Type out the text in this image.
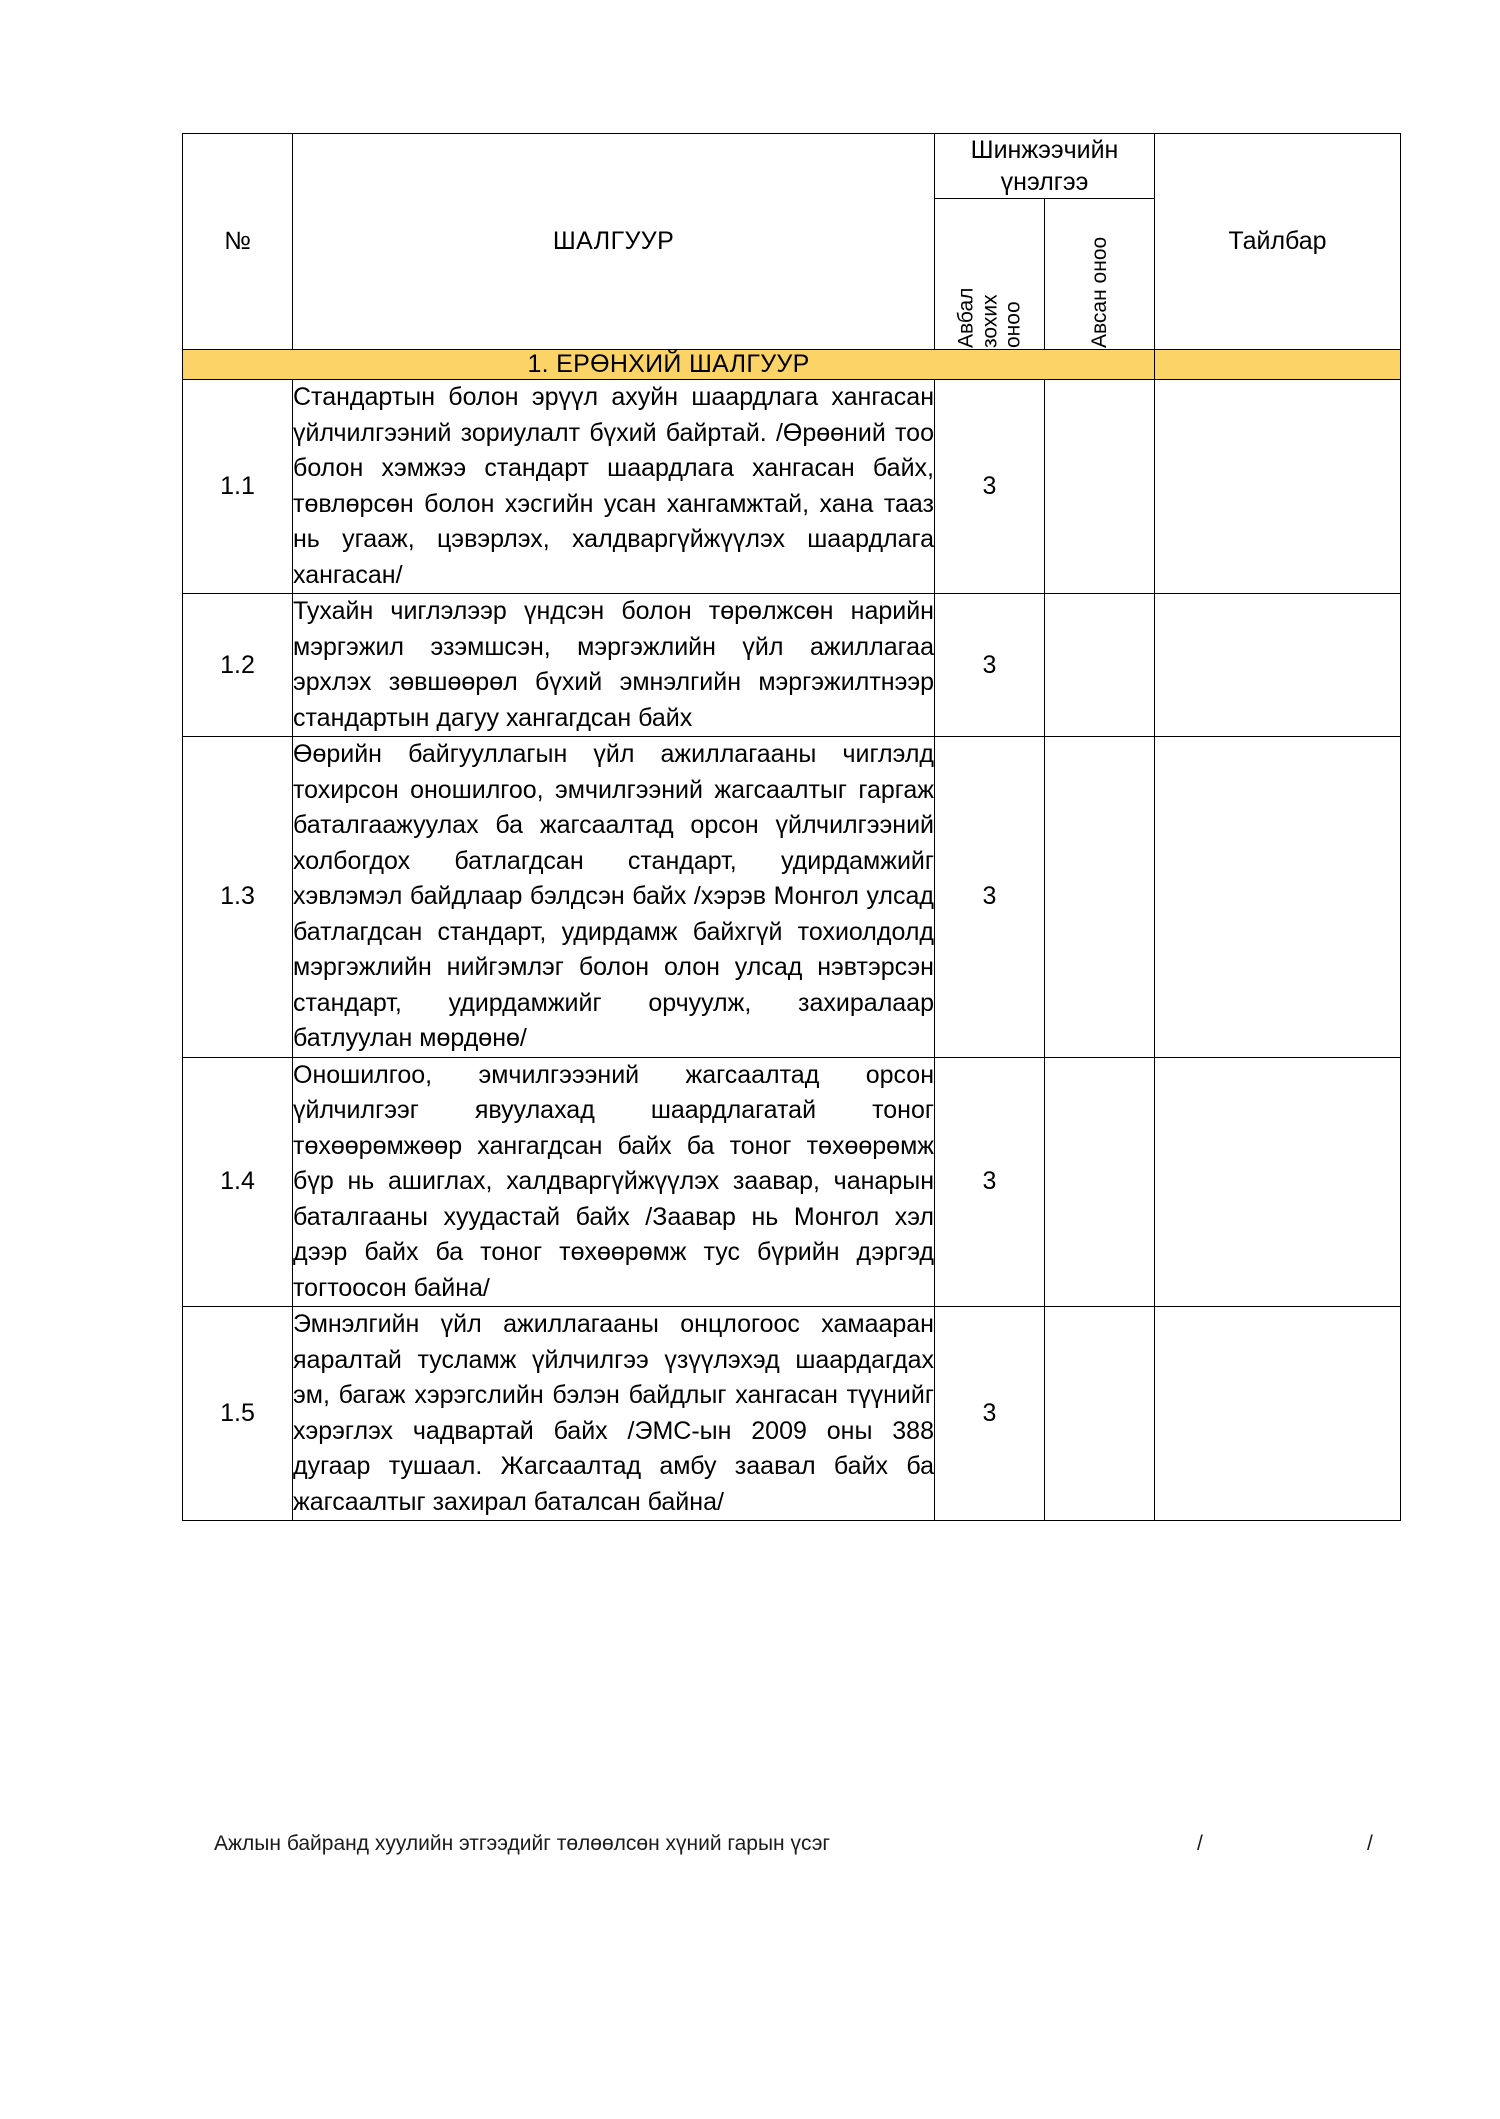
№	ШАЛГУУР	Шинжээчийн үнэлгээ		Тайлбар

		Авбал зохих оноо	Авсан оноо	

1. ЕРӨНХИЙ ШАЛГУУР				
1.1	Стандартын болон эрүүл ахуйн шаардлага хангасан үйлчилгээний зориулалт бүхий байртай. /Өрөөний тоо болон хэмжээ стандарт шаардлага хангасан байх, төвлөрсөн болон хэсгийн усан хангамжтай, хана тааз нь угааж, цэвэрлэх, халдваргүйжүүлэх шаардлага хангасан/	3		
1.2	Тухайн чиглэлээр үндсэн болон төрөлжсөн нарийн мэргэжил эзэмшсэн, мэргэжлийн үйл ажиллагаа эрхлэх зөвшөөрөл бүхий эмнэлгийн мэргэжилтнээр стандартын дагуу хангагдсан байх	3		
1.3	Өөрийн байгууллагын үйл ажиллагааны чиглэлд тохирсон оношилгоо, эмчилгээний жагсаалтыг гаргаж баталгаажуулах ба жагсаалтад орсон үйлчилгээний холбогдох батлагдсан стандарт, удирдамжийг хэвлэмэл байдлаар бэлдсэн байх /хэрэв Монгол улсад батлагдсан стандарт, удирдамж байхгүй тохиолдолд мэргэжлийн нийгэмлэг болон олон улсад нэвтэрсэн стандарт, удирдамжийг орчуулж, захиралаар батлуулан мөрдөнө/	3		
1.4	Оношилгоо, эмчилгэээний жагсаалтад орсон үйлчилгээг явуулахад шаардлагатай тоног төхөөрөмжөөр хангагдсан байх ба тоног төхөөрөмж бүр нь ашиглах, халдваргүйжүүлэх заавар, чанарын баталгааны хуудастай байх /Заавар нь Монгол хэл дээр байх ба тоног төхөөрөмж тус бүрийн дэргэд тогтоосон байна/	3		
1.5	Эмнэлгийн үйл ажиллагааны онцлогоос хамааран яаралтай тусламж үйлчилгээ үзүүлэхэд шаардагдах эм, багаж хэрэгслийн бэлэн байдлыг хангасан түүнийг хэрэглэх чадвартай байх /ЭМС-ын 2009 оны 388 дугаар тушаал. Жагсаалтад амбу заавал байх ба жагсаалтыг захирал баталсан байна/	3		
Ажлын байранд хуулийн этгээдийг төлөөлсөн хүний гарын үсэг	/	/
